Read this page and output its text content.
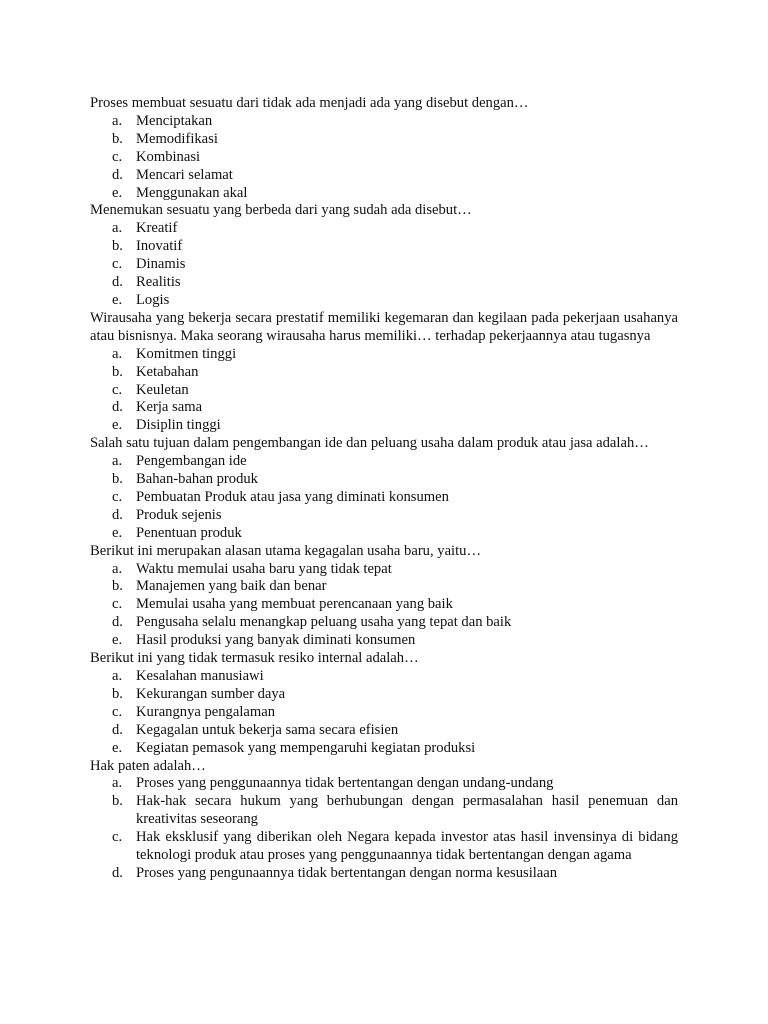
Proses membuat sesuatu dari tidak ada menjadi ada yang disebut dengan…

a. Menciptakan
b. Memodifikasi
c. Kombinasi
d. Mencari selamat
e. Menggunakan akal

Menemukan sesuatu yang berbeda dari yang sudah ada disebut…

a. Kreatif
b. Inovatif
c. Dinamis
d. Realitis
e. Logis

Wirausaha yang bekerja secara prestatif memiliki kegemaran dan kegilaan pada pekerjaan usahanya atau bisnisnya. Maka seorang wirausaha harus memiliki… terhadap pekerjaannya atau tugasnya

a. Komitmen tinggi
b. Ketabahan
c. Keuletan
d. Kerja sama
e. Disiplin tinggi

Salah satu tujuan dalam pengembangan ide dan peluang usaha dalam produk atau jasa adalah…

a. Pengembangan ide
b. Bahan-bahan produk
c. Pembuatan Produk atau jasa yang diminati konsumen
d. Produk sejenis
e. Penentuan produk

Berikut ini merupakan alasan utama kegagalan usaha baru, yaitu…

a. Waktu memulai usaha baru yang tidak tepat
b. Manajemen yang baik dan benar
c. Memulai usaha yang membuat perencanaan yang baik
d. Pengusaha selalu menangkap peluang usaha yang tepat dan baik
e. Hasil produksi yang banyak diminati konsumen

Berikut ini yang tidak termasuk resiko internal adalah…

a. Kesalahan manusiawi
b. Kekurangan sumber daya
c. Kurangnya pengalaman
d. Kegagalan untuk bekerja sama secara efisien
e. Kegiatan pemasok yang mempengaruhi kegiatan produksi

Hak paten adalah…

a. Proses yang penggunaannya tidak bertentangan dengan undang-undang
b. Hak-hak secara hukum yang berhubungan dengan permasalahan hasil penemuan dan kreativitas seseorang
c. Hak eksklusif yang diberikan oleh Negara kepada investor atas hasil invensinya di bidang teknologi produk atau proses yang penggunaannya tidak bertentangan dengan agama
d. Proses yang pengunaannya tidak bertentangan dengan norma kesusilaan
